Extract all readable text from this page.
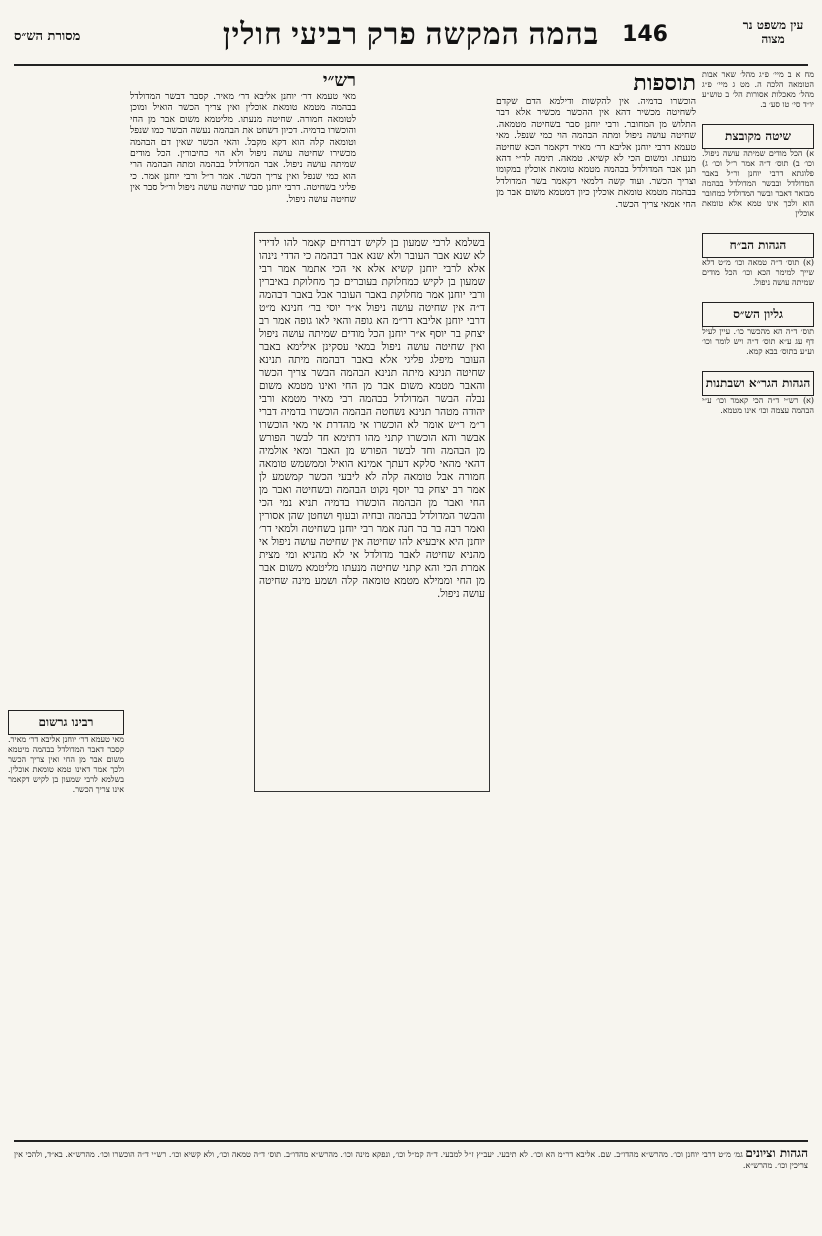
עין משפט נר מצוה
146
בהמה המקשה פרק רביעי חולין
מסורת הש״ס

מח א ב מיי׳ פ״ג מהל׳ שאר אבות הטומאה הלכה ה. מט ג מיי׳ פ״ג מהל׳ מאכלות אסורות הל׳ ב טוש״ע יו״ד סי׳ טו סע׳ ב.

שיטה מקובצת

א) הכל מודים שמיתה עושה ניפול. וכו׳ ב) תוס׳ ד״ה אמר ר״ל וכו׳ ג) פלוגתא דרבי יוחנן ור״ל באבר המדולדל ובבשר המדולדל בבהמה מבואר דאבר ובשר המדולדל כמחובר הוא ולכך אינו טמא אלא טומאת אוכלין

הגהות הב״ח

(א) תוס׳ ד״ה טמאה וכו׳ מ״ט דלא שייך למימר הכא וכו׳ הכל מודים שמיתה עושה ניפול.

גליון הש״ס

תוס׳ ד״ה הא מהכשר כו׳. עיין לעיל דף עג ע״א תוס׳ ד״ה ויש לומר וכו׳ וע״ע בתוס׳ בבא קמא.

הגהות הגר״א ושבתנות

(א) רש״י ד״ה הכי קאמר וכו׳ ע״י הבהמה עצמה וכו׳ אינו מטמא.

תוספות

הוכשרו בדמיה. אין להקשות ודילמא הדם שקדם לשחיטה מכשיר דהא אין ההכשר מכשיר אלא דבר התלוש מן המחובר. ורבי יוחנן סבר בשחיטה מטמאה. שחיטה עושה ניפול ומתה הבהמה הוי כמי שנפל. מאי טעמא דרבי יוחנן אליבא דר׳ מאיר דקאמר הכא שחיטה מנעתו. ומשום הכי לא קשיא. טמאה. תימה לר״י דהא תנן אבר המדולדל בבהמה מטמא טומאת אוכלין במקומו וצריך הכשר. ועוד קשה דלמאי דקאמר בשר המדולדל בבהמה מטמא טומאת אוכלין כיון דמטמא משום אבר מן החי אמאי צריך הכשר.

בשלמא לרבי שמעון בן לקיש דברחים קאמר להו לדידי לא שנא אבר העובר ולא שנא אבר דבהמה כי הדדי נינהו אלא לרבי יוחנן קשיא אלא אי הכי אתמר אמר רבי שמעון בן לקיש כמחלוקת בעוברים כך מחלוקת באיברין ורבי יוחנן אמר מחלוקת באבר העובר אבל באבר דבהמה ד״ה אין שחיטה עושה ניפול א״ר יוסי בר׳ חנינא מ״ט דרבי יוחנן אליבא דר״מ הא גופה והאי לאו גופה אמר רב יצחק בר יוסף א״ר יוחנן הכל מודים שמיתה עושה ניפול ואין שחיטה עושה ניפול במאי עסקינן אילימא באבר העובר מיפלג פליגי אלא באבר דבהמה מיתה תנינא שחיטה תנינא מיתה תנינא הבהמה הבשר צריך הכשר והאבר מטמא משום אבר מן החי ואינו מטמא משום נבלה הבשר המדולדל בבהמה רבי מאיר מטמא ורבי יהודה מטהר תנינא נשחטה הבהמה הוכשרו בדמיה דברי ר״מ ר״ש אומר לא הוכשרו אי מהדרת אי מאי הוכשרו אבשר והא הוכשרו קתני מהו דתימא חד לבשר הפורש מן הבהמה וחד לבשר הפורש מן האבר ומאי אולמיה דהאי מהאי סלקא דעתך אמינא הואיל וממשמש טומאה חמורה אבל טומאה קלה לא ליבעי הכשר קמשמע לן אמר רב יצחק בר יוסף נקוט הבהמה ובשחיטה ואבר מן החי ואבר מן הבהמה הוכשרו בדמיה תניא נמי הכי והבשר המדולדל בבהמה ובחיה ובעוף ושחטן שהן אסורין ואמר רבה בר בר חנה אמר רבי יוחנן בשחיטה ולמאי דר׳ יוחנן היא איבעיא להו שחיטה אין שחיטה עושה ניפול אי מהניא שחיטה לאבר מדולדל אי לא מהניא ומי מצית אמרת הכי והא קתני שחיטה מנעתו מליטמא משום אבר מן החי וממילא מטמא טומאה קלה ושמע מינה שחיטה עושה ניפול.

רש״י

מאי טעמא דר׳ יוחנן אליבא דר׳ מאיר. קסבר דבשר המדולדל בבהמה מטמא טומאת אוכלין ואין צריך הכשר הואיל ומוכן לטומאה חמורה. שחיטה מנעתו. מליטמא משום אבר מן החי והוכשרו בדמיה. דכיון דשחט את הבהמה נעשה הבשר כמו שנפל וטומאה קלה הוא דקא מקבל. והאי הכשר שאין דם הבהמה מכשירו שחיטה עושה ניפול ולא הוי כחיבורין. הכל מודים שמיתה עושה ניפול. אבר המדולדל בבהמה ומתה הבהמה הרי הוא כמי שנפל ואין צריך הכשר. אמר ר״ל ורבי יוחנן אמר. כי פליגי בשחיטה. דרבי יוחנן סבר שחיטה עושה ניפול ור״ל סבר אין שחיטה עושה ניפול.

רבינו גרשום

מאי טעמא דר׳ יוחנן אליבא דר׳ מאיר. קסבר דאבר המדולדל בבהמה מיטמא משום אבר מן החי ואין צריך הכשר ולכך אמר דאינו טמא טומאת אוכלין. בשלמא לרבי שמעון בן לקיש דקאמר אינו צריך הכשר.

הגהות וציונים גמ׳ מ״ט דרבי יוחנן וכו׳. מהרש״א מהדו״ב. שם. אליבא דר״מ הא וכו׳. לא תיבעי. יעב״ץ ז״ל למבעי. ד״ה קמ״ל וכו׳, ונפקא מינה וכו׳. מהרש״א מהדו״ב. תוס׳ ד״ה טמאה וכו׳, ולא קשיא וכו׳. רש״י ד״ה הוכשרו וכו׳. מהרש״א. בא״ד, ולהכי אין צריכין וכו׳. מהרש״א.
